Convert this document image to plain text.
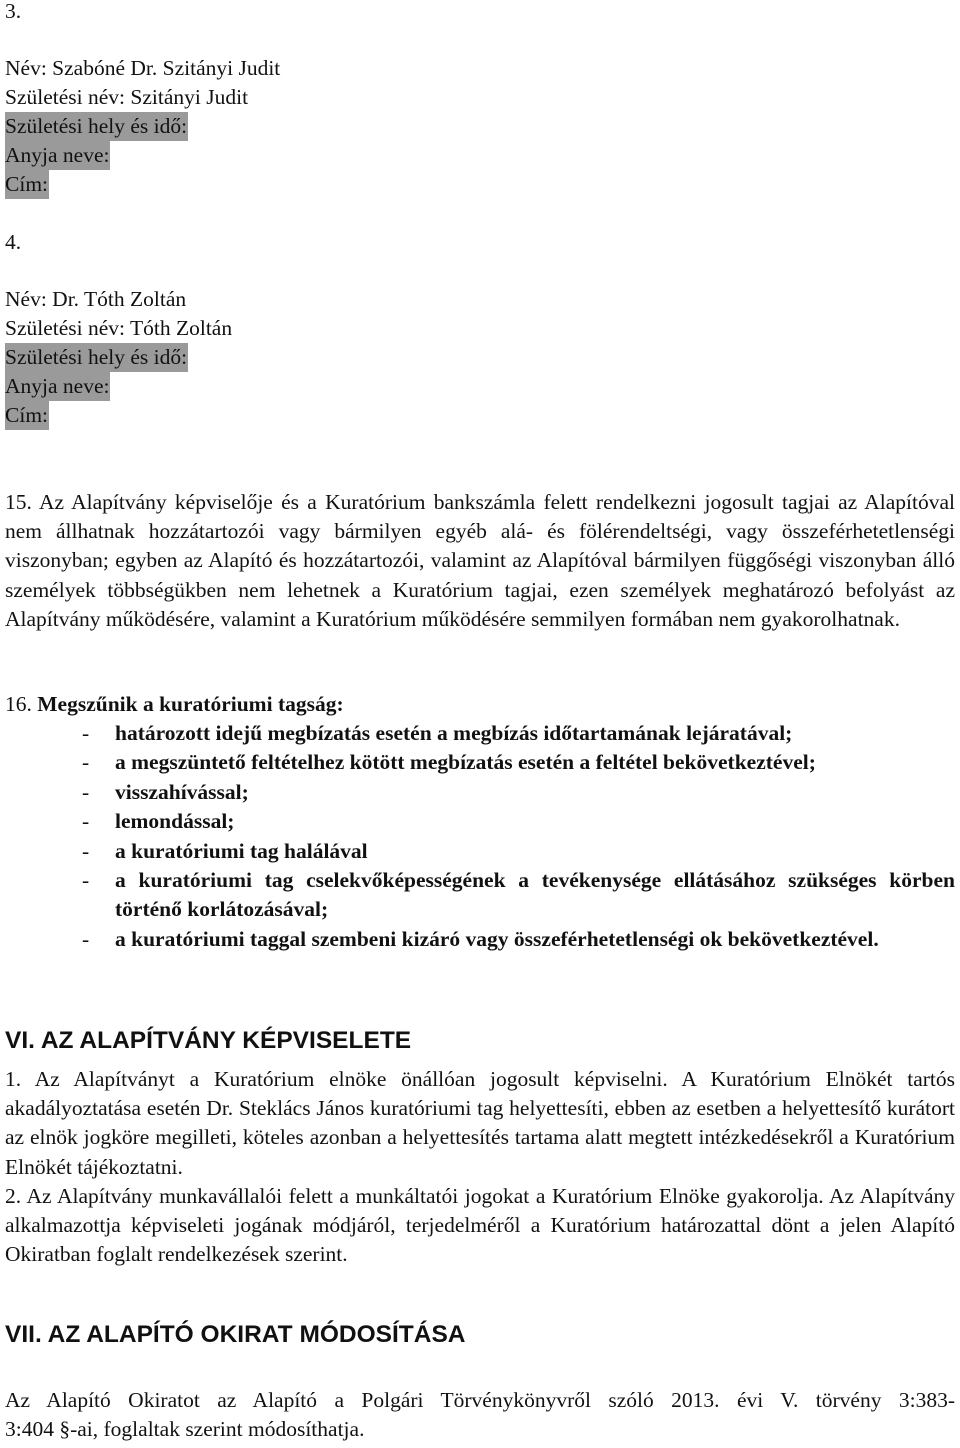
3.
Név: Szabóné Dr. Szitányi Judit
Születési név: Szitányi Judit
Születési hely és idő:
Anyja neve:
Cím:
4.
Név: Dr. Tóth Zoltán
Születési név: Tóth Zoltán
Születési hely és idő:
Anyja neve:
Cím:

15. Az Alapítvány képviselője és a Kuratórium bankszámla felett rendelkezni jogosult tagjai az Alapítóval nem állhatnak hozzátartozói vagy bármilyen egyéb alá- és fölérendeltségi, vagy összeférhetetlenségi viszonyban; egyben az Alapító és hozzátartozói, valamint az Alapítóval bármilyen függőségi viszonyban álló személyek többségükben nem lehetnek a Kuratórium tagjai, ezen személyek meghatározó befolyást az Alapítvány működésére, valamint a Kuratórium működésére semmilyen formában nem gyakorolhatnak.

16. Megszűnik a kuratóriumi tagság:
-	határozott idejű megbízatás esetén a megbízás időtartamának lejáratával;
-	a megszüntető feltételhez kötött megbízatás esetén a feltétel bekövetkeztével;
-	visszahívással;
-	lemondással;
-	a kuratóriumi tag halálával
-	a kuratóriumi tag cselekvőképességének a tevékenysége ellátásához szükséges körben történő korlátozásával;
-	a kuratóriumi taggal szembeni kizáró vagy összeférhetetlenségi ok bekövetkeztével.
VI. AZ ALAPÍTVÁNY KÉPVISELETE

1. Az Alapítványt a Kuratórium elnöke önállóan jogosult képviselni. A Kuratórium Elnökét tartós akadályoztatása esetén Dr. Steklács János kuratóriumi tag helyettesíti, ebben az esetben a helyettesítő kurátort az elnök jogköre megilleti, köteles azonban a helyettesítés tartama alatt megtett intézkedésekről a Kuratórium Elnökét tájékoztatni.

2. Az Alapítvány munkavállalói felett a munkáltatói jogokat a Kuratórium Elnöke gyakorolja. Az Alapítvány alkalmazottja képviseleti jogának módjáról, terjedelméről a Kuratórium határozattal dönt a jelen Alapító Okiratban foglalt rendelkezések szerint.

VII. AZ ALAPÍTÓ OKIRAT MÓDOSÍTÁSA

Az Alapító Okiratot az Alapító a Polgári Törvénykönyvről szóló 2013. évi V. törvény 3:383-

3:404 §-ai, foglaltak szerint módosíthatja.
